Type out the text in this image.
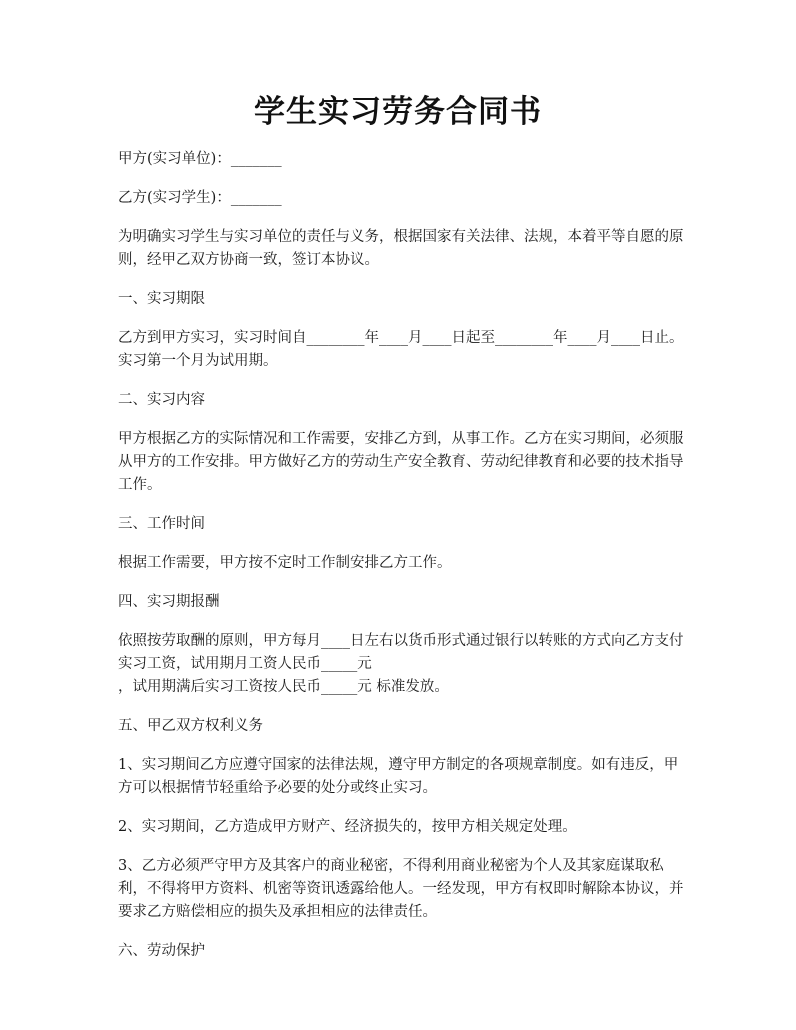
学生实习劳务合同书

甲方(实习单位)：_______

乙方(实习学生)：_______

为明确实习学生与实习单位的责任与义务，根据国家有关法律、法规，本着平等自愿的原则，经甲乙双方协商一致，签订本协议。

一、实习期限

乙方到甲方实习，实习时间自________年____月____日起至________年____月____日止。实习第一个月为试用期。

二、实习内容

甲方根据乙方的实际情况和工作需要，安排乙方到，从事工作。乙方在实习期间，必须服从甲方的工作安排。甲方做好乙方的劳动生产安全教育、劳动纪律教育和必要的技术指导工作。

三、工作时间

根据工作需要，甲方按不定时工作制安排乙方工作。

四、实习期报酬

依照按劳取酬的原则，甲方每月____日左右以货币形式通过银行以转账的方式向乙方支付实习工资，试用期月工资人民币_____元

，试用期满后实习工资按人民币_____元 标准发放。

五、甲乙双方权利义务

1、实习期间乙方应遵守国家的法律法规，遵守甲方制定的各项规章制度。如有违反，甲方可以根据情节轻重给予必要的处分或终止实习。

2、实习期间，乙方造成甲方财产、经济损失的，按甲方相关规定处理。

3、乙方必须严守甲方及其客户的商业秘密，不得利用商业秘密为个人及其家庭谋取私利，不得将甲方资料、机密等资讯透露给他人。一经发现，甲方有权即时解除本协议，并要求乙方赔偿相应的损失及承担相应的法律责任。

六、劳动保护
